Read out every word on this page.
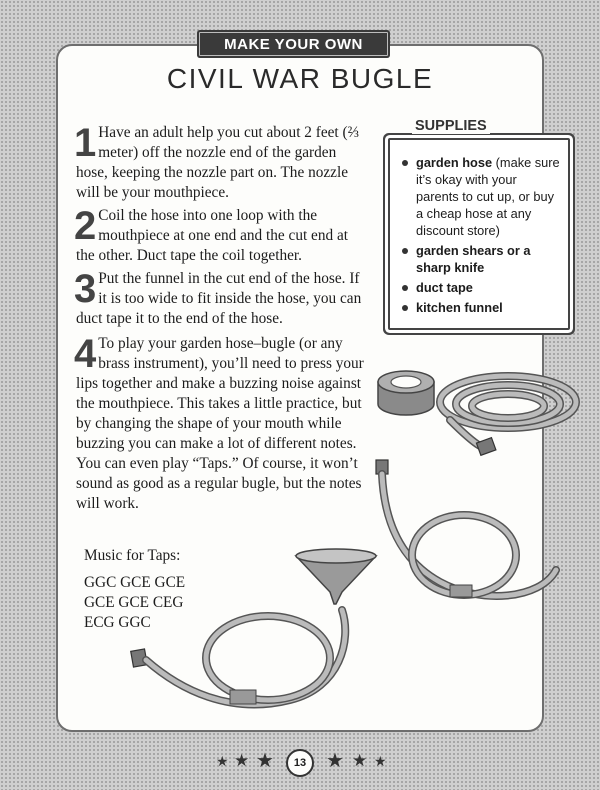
MAKE YOUR OWN
CIVIL WAR BUGLE
1 Have an adult help you cut about 2 feet (⅔ meter) off the nozzle end of the garden hose, keeping the nozzle part on. The nozzle will be your mouthpiece.

2 Coil the hose into one loop with the mouthpiece at one end and the cut end at the other. Duct tape the coil together.

3 Put the funnel in the cut end of the hose. If it is too wide to fit inside the hose, you can duct tape it to the end of the hose.

4 To play your garden hose–bugle (or any brass instrument), you’ll need to press your lips together and make a buzzing noise against the mouthpiece. This takes a little practice, but by changing the shape of your mouth while buzzing you can make a lot of different notes. You can even play “Taps.” Of course, it won’t sound as good as a regular bugle, but the notes will work.

garden hose (make sure it’s okay with your parents to cut up, or buy a cheap hose at any discount store)
garden shears or a sharp knife
duct tape
kitchen funnel
SUPPLIES
Music for Taps:
GGC GCE GCE
GCE GCE CEG
ECG GGC
★ ★ ★	★ ★ ★
13
